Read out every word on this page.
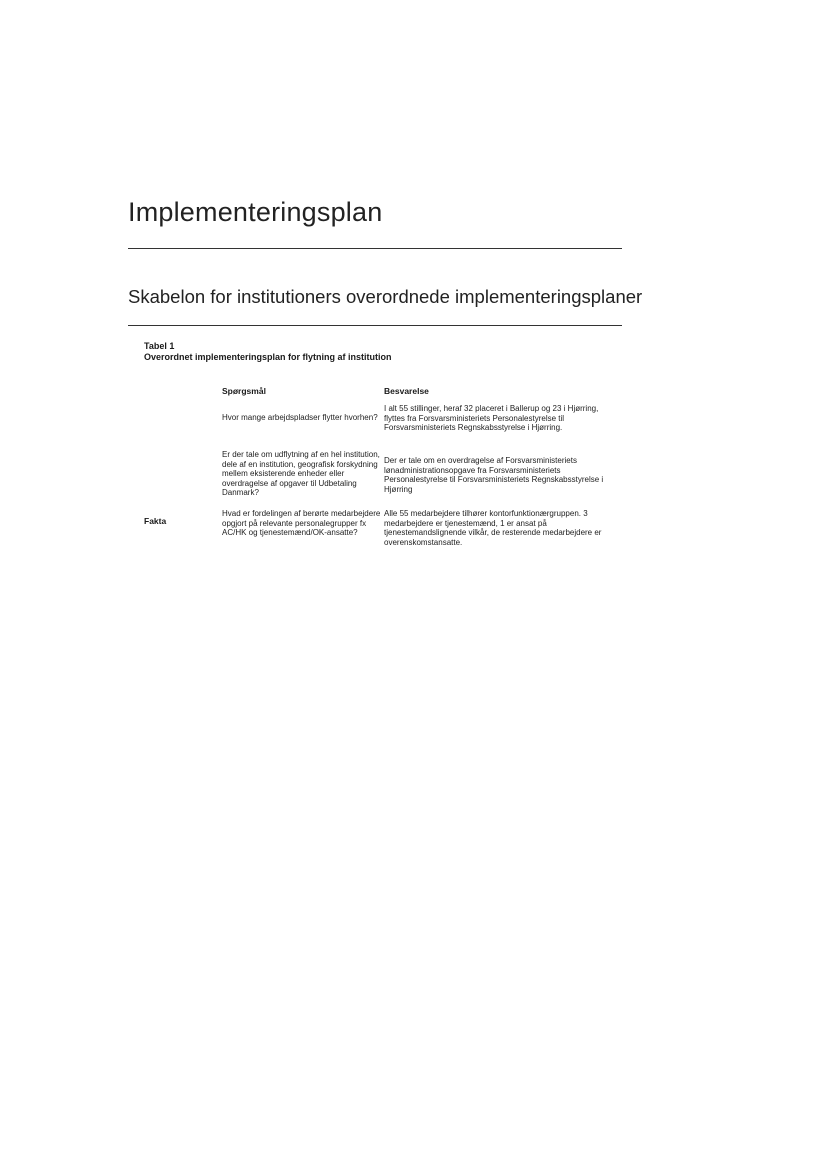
Implementeringsplan
Skabelon for institutioners overordnede implementeringsplaner
Tabel 1
Overordnet implementeringsplan for flytning af institution
Spørgsmål	Besvarelse
Fakta
Hvor mange arbejdspladser flytter hvorhen?
I alt 55 stillinger, heraf 32 placeret i Ballerup og 23 i Hjørring, flyttes fra Forsvarsministeriets Personalestyrelse til Forsvarsministeriets Regnskabsstyrelse i Hjørring.
Er der tale om udflytning af en hel institution, dele af en institution, geografisk forskydning mellem eksisterende enheder eller overdragelse af opgaver til Udbetaling Danmark?
Der er tale om en overdragelse af Forsvarsministeriets lønadministrationsopgave fra Forsvarsministeriets Personalestyrelse til Forsvarsministeriets Regnskabsstyrelse i Hjørring
Hvad er fordelingen af berørte medarbejdere opgjort på relevante personalegrupper fx AC/HK og tjenestemænd/OK-ansatte?
Alle 55 medarbejdere tilhører kontorfunktionærgruppen. 3 medarbejdere er tjenestemænd, 1 er ansat på tjenestemandslignende vilkår, de resterende medarbejdere er overenskomstansatte.
